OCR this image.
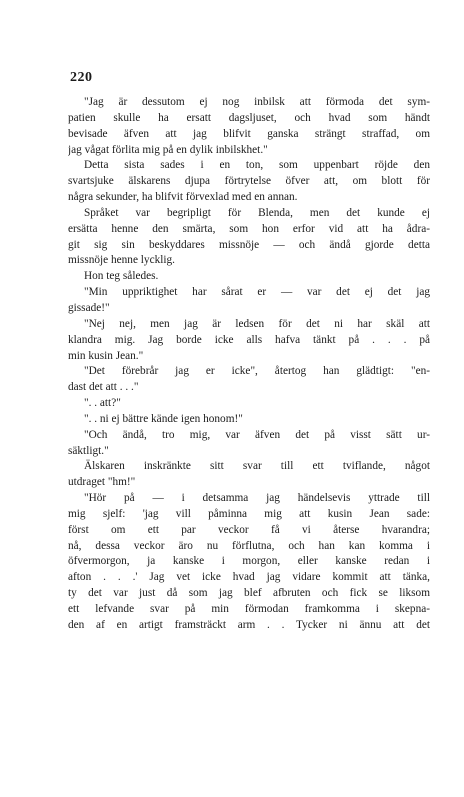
220
"Jag är dessutom ej nog inbilsk att förmoda det sym-
patien skulle ha ersatt dagsljuset, och hvad som händt
bevisade äfven att jag blifvit ganska strängt straffad, om
jag vågat förlita mig på en dylik inbilskhet."
Detta sista sades i en ton, som uppenbart röjde den
svartsjuke älskarens djupa förtrytelse öfver att, om blott för
några sekunder, ha blifvit förvexlad med en annan.
Språket var begripligt för Blenda, men det kunde ej
ersätta henne den smärta, som hon erfor vid att ha ådra-
git sig sin beskyddares missnöje — och ändå gjorde detta
missnöje henne lycklig.
Hon teg således.
"Min uppriktighet har sårat er — var det ej det jag
gissade!"
"Nej nej, men jag är ledsen för det ni har skäl att
klandra mig. Jag borde icke alls hafva tänkt på . . . på
min kusin Jean."
"Det förebrår jag er icke", återtog han glädtigt: "en-
dast det att . . ."
". . att?"
". . ni ej bättre kände igen honom!"
"Och ändå, tro mig, var äfven det på visst sätt ur-
säktligt."
Älskaren inskränkte sitt svar till ett tviflande, något
utdraget "hm!"
"Hör på — i detsamma jag händelsevis yttrade till
mig sjelf: 'jag vill påminna mig att kusin Jean sade:
först om ett par veckor få vi återse hvarandra;
nå, dessa veckor äro nu förflutna, och han kan komma i
öfvermorgon, ja kanske i morgon, eller kanske redan i
afton . . .' Jag vet icke hvad jag vidare kommit att tänka,
ty det var just då som jag blef afbruten och fick se liksom
ett lefvande svar på min förmodan framkomma i skepna-
den af en artigt framsträckt arm . . Tycker ni ännu att det
